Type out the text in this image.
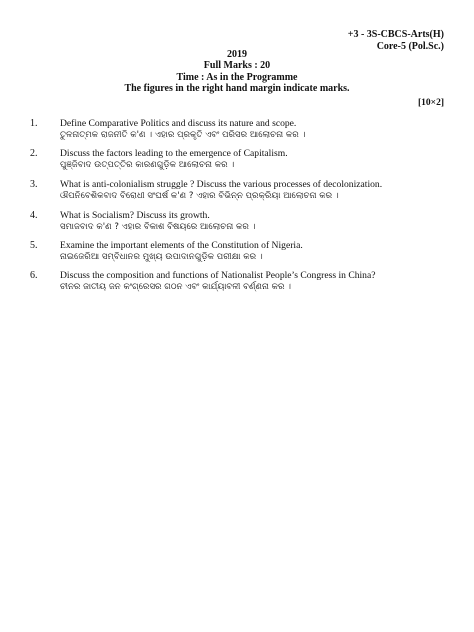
+3 - 3S-CBCS-Arts(H)
Core-5 (Pol.Sc.)
2019
Full Marks : 20
Time : As in the Programme
The figures in the right hand margin indicate marks.
[10×2]
1. Define Comparative Politics and discuss its nature and scope.
ତୁଳନାତ୍ମକ ରାଜନୀତି କ'ଣ । ଏହାର ପ୍ରକୃତି ଏବଂ ପରିସର ଆଲୋଚନା କର ।
2. Discuss the factors leading to the emergence of Capitalism.
ପୁଞ୍ଜିବାଦ ଉତ୍ପତ୍ତିର କାରଣଗୁଡ଼ିକ ଆଲୋଚନା କର ।
3. What is anti-colonialism struggle ? Discuss the various processes of decolonization.
ଔପନିବେଶିକବାଦ ବିରୋଧୀ ସଂଘର୍ଷ କ'ଣ ? ଏହାର ବିଭିନ୍ନ ପ୍ରକ୍ରିୟା ଆଲୋଚନା କର ।
4. What is Socialism? Discuss its growth.
ସମାଜବାଦ କ'ଣ ? ଏହାର ବିକାଶ ବିଷୟରେ ଆଲୋଚନା କର ।
5. Examine the important elements of the Constitution of Nigeria.
ନାଇଜେରିଆ ସମ୍ବିଧାନର ମୁଖ୍ୟ ଉପାଦାନଗୁଡ଼ିକ ପରୀକ୍ଷା କର ।
6. Discuss the composition and functions of Nationalist People’s Congress in China?
ଚୀନର ଜାତୀୟ ଜନ କଂଗ୍ରେସର ଗଠନ ଏବଂ କାର୍ଯ୍ୟାବଳୀ ବର୍ଣ୍ଣନା କର ।
